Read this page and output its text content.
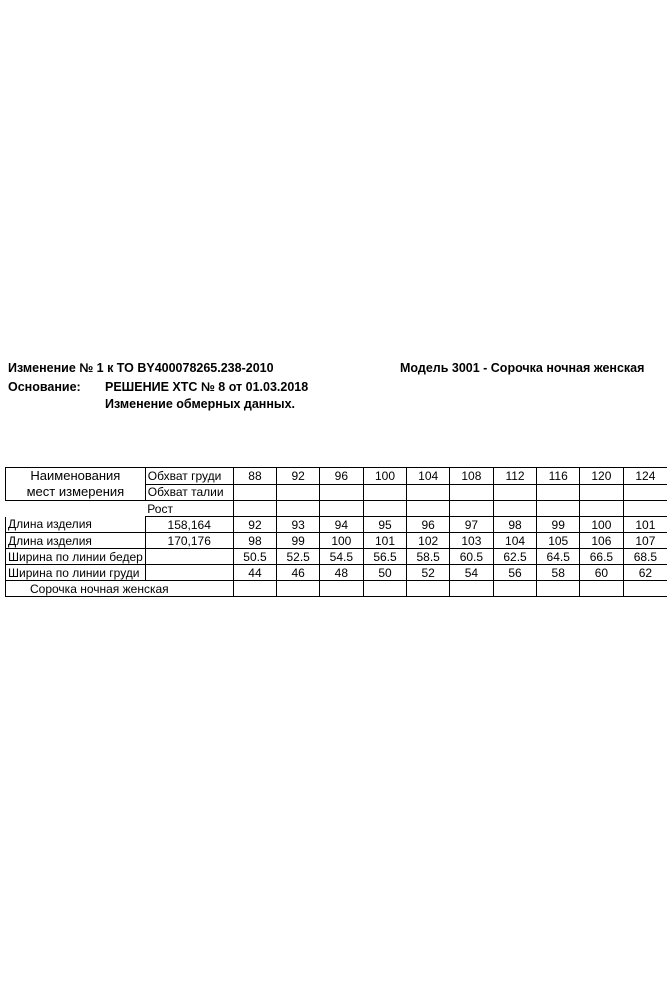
Изменение № 1 к ТО BY400078265.238-2010
Основание: РЕШЕНИЕ ХТС № 8 от 01.03.2018
Изменение обмерных данных.
Модель 3001 - Сорочка ночная женская
Наименования
мест измерения	Обхват груди	88	92	96	100	104	108	112	116	120	124
	Обхват талии										
	Рост										
Длина изделия	158,164	92	93	94	95	96	97	98	99	100	101
Длина изделия	170,176	98	99	100	101	102	103	104	105	106	107
Ширина по линии бедер		50.5	52.5	54.5	56.5	58.5	60.5	62.5	64.5	66.5	68.5
Ширина по линии груди		44	46	48	50	52	54	56	58	60	62
Сорочка ночная женская											
